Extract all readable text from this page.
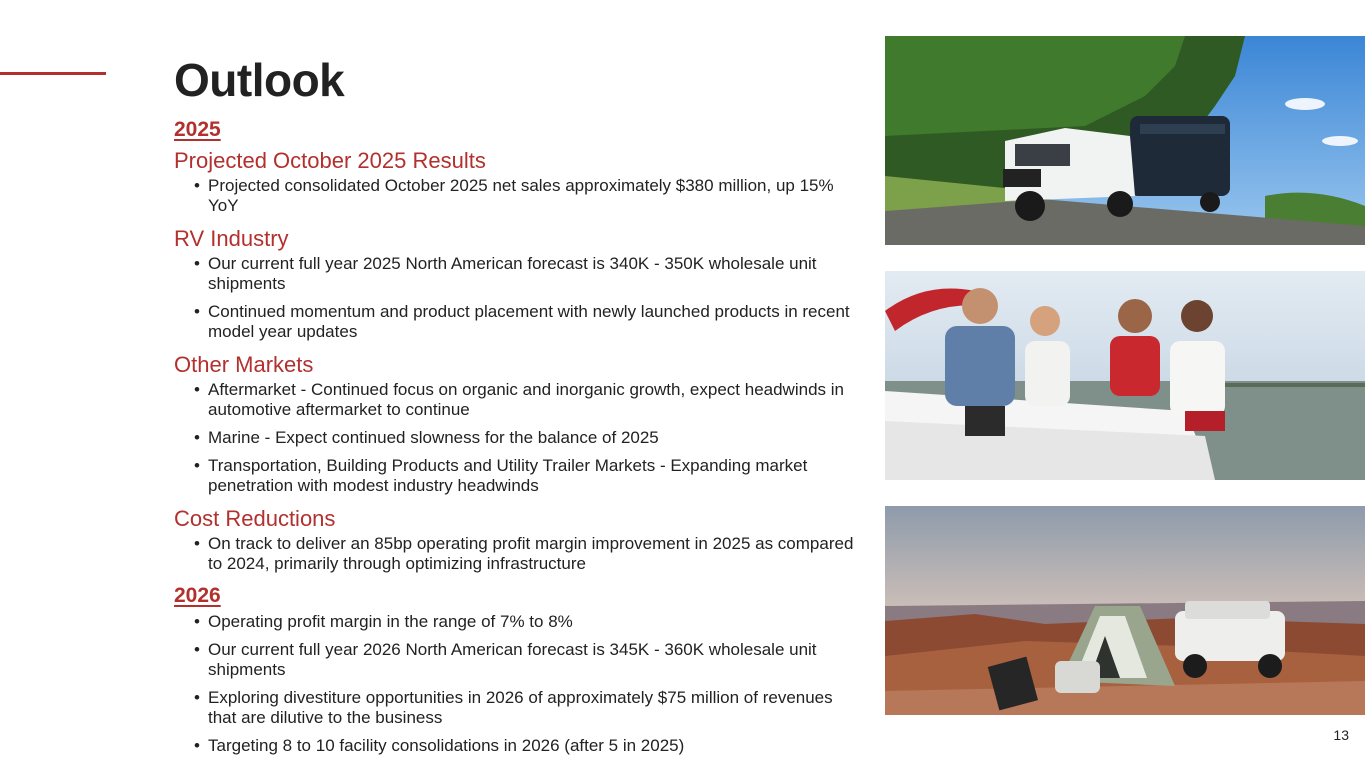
Outlook
2025
Projected October 2025 Results
• Projected consolidated October 2025 net sales approximately $380 million, up 15% YoY
RV Industry
• Our current full year 2025 North American forecast is 340K - 350K wholesale unit shipments
• Continued momentum and product placement with newly launched products in recent model year updates
Other Markets
• Aftermarket - Continued focus on organic and inorganic growth, expect headwinds in automotive aftermarket to continue
• Marine - Expect continued slowness for the balance of 2025
• Transportation, Building Products and Utility Trailer Markets - Expanding market penetration with modest industry headwinds
Cost Reductions
• On track to deliver an 85bp operating profit margin improvement in 2025 as compared to 2024, primarily through optimizing infrastructure
2026
• Operating profit margin in the range of 7% to 8%
• Our current full year 2026 North American forecast is 345K - 360K wholesale unit shipments
• Exploring divestiture opportunities in 2026 of approximately $75 million of revenues that are dilutive to the business
• Targeting 8 to 10 facility consolidations in 2026 (after 5 in 2025)
13
